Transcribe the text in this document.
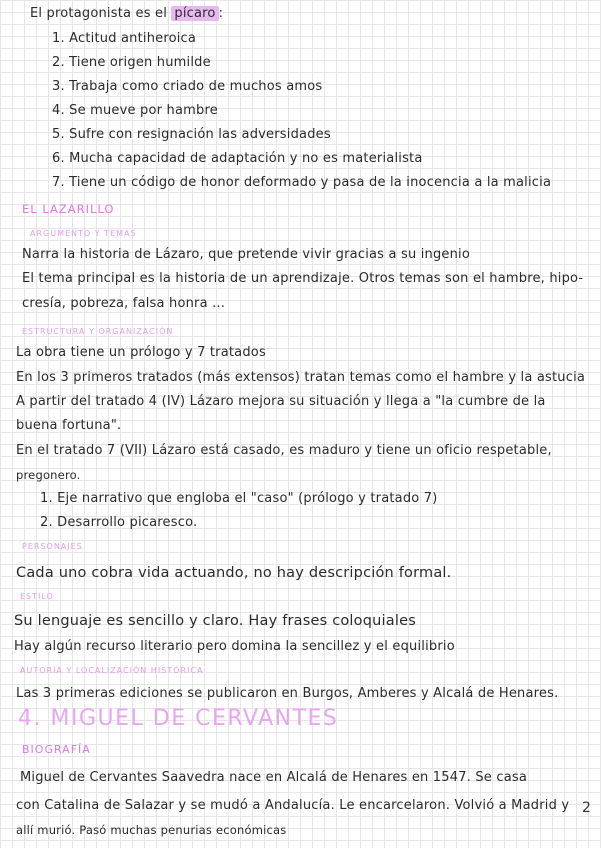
El protagonista es el pícaro :
1. Actitud antiheroica
2. Tiene origen humilde
3. Trabaja como criado de muchos amos
4. Se mueve por hambre
5. Sufre con resignación las adversidades
6. Mucha capacidad de adaptación y no es materialista
7. Tiene un código de honor deformado y pasa de la inocencia a la malicia
EL LAZARILLO
ARGUMENTO Y TEMAS
Narra la historia de Lázaro, que pretende vivir gracias a su ingenio
El tema principal es la historia de un aprendizaje. Otros temas son el hambre, hipo-
cresía, pobreza, falsa honra ...
ESTRUCTURA Y ORGANIZACIÓN
La obra tiene un prólogo y 7 tratados
En los 3 primeros tratados (más extensos) tratan temas como el hambre y la astucia
A partir del tratado 4 (IV) Lázaro mejora su situación y llega a "la cumbre de la
buena fortuna".
En el tratado 7 (VII) Lázaro está casado, es maduro y tiene un oficio respetable,
pregonero.
1. Eje narrativo que engloba el "caso" (prólogo y tratado 7)
2. Desarrollo picaresco.
PERSONAJES
Cada uno cobra vida actuando, no hay descripción formal.
ESTILO
Su lenguaje es sencillo y claro. Hay frases coloquiales
Hay algún recurso literario pero domina la sencillez y el equilibrio
AUTORÍA Y LOCALIZACIÓN HISTÓRICA
Las 3 primeras ediciones se publicaron en Burgos, Amberes y Alcalá de Henares.
4. MIGUEL DE CERVANTES
BIOGRAFÍA
Miguel de Cervantes Saavedra nace en Alcalá de Henares en 1547. Se casa
con Catalina de Salazar y se mudó a Andalucía. Le encarcelaron. Volvió a Madrid y
allí murió. Pasó muchas penurias económicas
2
